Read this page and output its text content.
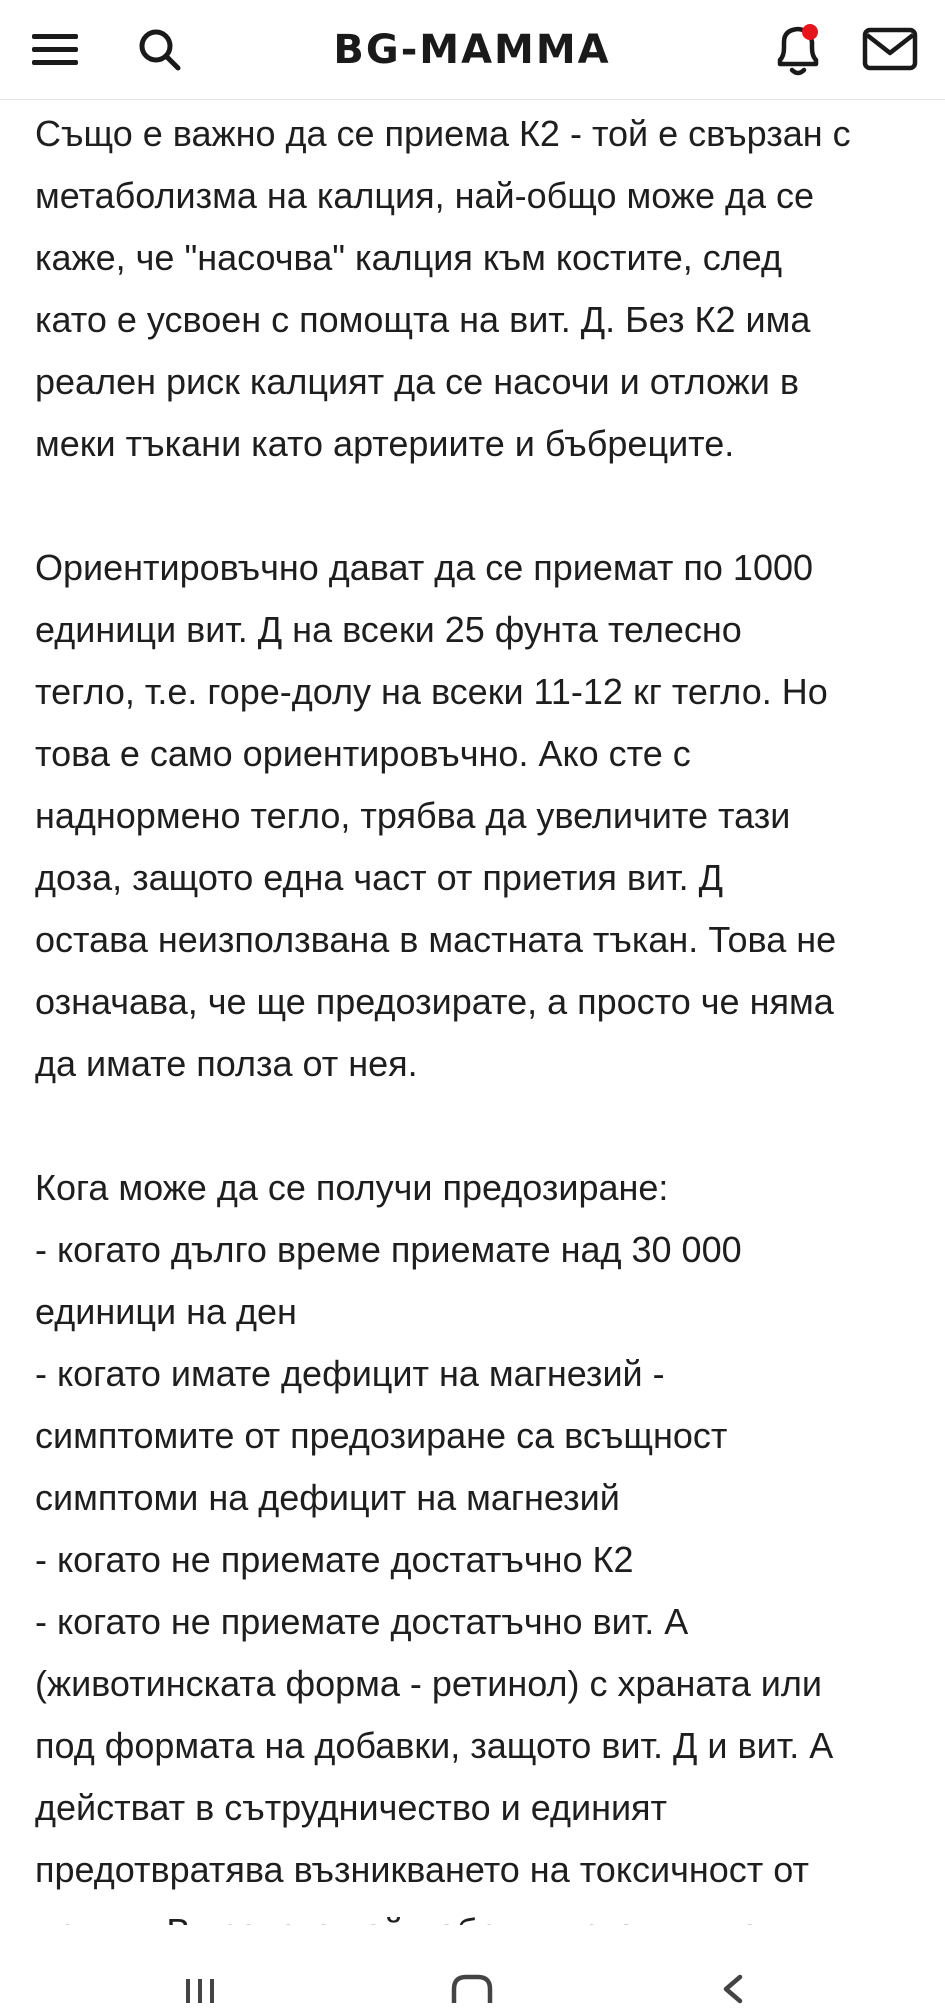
BG-MAMMA

Също е важно да се приема К2 - той е свързан с
метаболизма на калция, най-общо може да се
каже, че "насочва" калция към костите, след
като е усвоен с помощта на вит. Д. Без К2 има
реален риск калцият да се насочи и отложи в
меки тъкани като артериите и бъбреците.

Ориентировъчно дават да се приемат по 1000
единици вит. Д на всеки 25 фунта телесно
тегло, т.е. горе-долу на всеки 11-12 кг тегло. Но
това е само ориентировъчно. Ако сте с
наднормено тегло, трябва да увеличите тази
доза, защото една част от приетия вит. Д
остава неизползвана в мастната тъкан. Това не
означава, че ще предозирате, а просто че няма
да имате полза от нея.

Кога може да се получи предозиране:
- когато дълго време приемате над 30 000
единици на ден
- когато имате дефицит на магнезий -
симптомите от предозиране са всъщност
симптоми на дефицит на магнезий
- когато не приемате достатъчно К2
- когато не приемате достатъчно вит. А
(животинската форма - ретинол) с храната или
под формата на добавки, защото вит. Д и вит. А
действат в сътрудничество и единият
предотвратява възникването на токсичност от
